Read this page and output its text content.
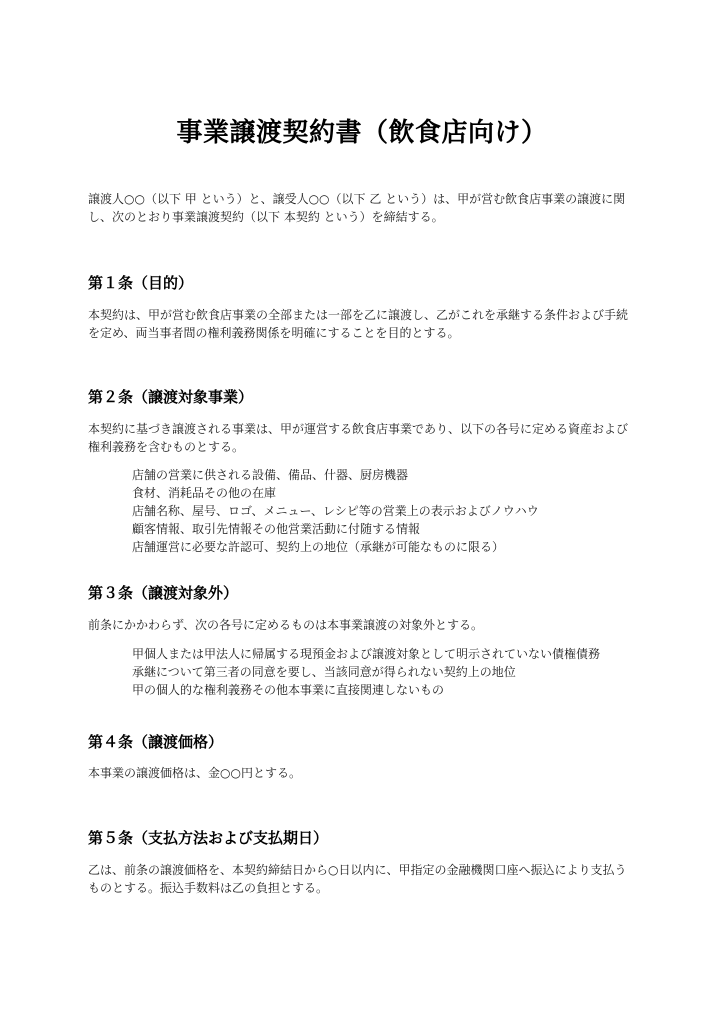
事業譲渡契約書（飲食店向け）
譲渡人○○（以下 甲 という）と、譲受人○○（以下 乙 という）は、甲が営む飲食店事業の譲渡に関し、次のとおり事業譲渡契約（以下 本契約 という）を締結する。
第１条（目的）
本契約は、甲が営む飲食店事業の全部または一部を乙に譲渡し、乙がこれを承継する条件および手続を定め、両当事者間の権利義務関係を明確にすることを目的とする。
第２条（譲渡対象事業）
本契約に基づき譲渡される事業は、甲が運営する飲食店事業であり、以下の各号に定める資産および権利義務を含むものとする。
店舗の営業に供される設備、備品、什器、厨房機器
食材、消耗品その他の在庫
店舗名称、屋号、ロゴ、メニュー、レシピ等の営業上の表示およびノウハウ
顧客情報、取引先情報その他営業活動に付随する情報
店舗運営に必要な許認可、契約上の地位（承継が可能なものに限る）
第３条（譲渡対象外）
前条にかかわらず、次の各号に定めるものは本事業譲渡の対象外とする。
甲個人または甲法人に帰属する現預金および譲渡対象として明示されていない債権債務
承継について第三者の同意を要し、当該同意が得られない契約上の地位
甲の個人的な権利義務その他本事業に直接関連しないもの
第４条（譲渡価格）
本事業の譲渡価格は、金○○円とする。
第５条（支払方法および支払期日）
乙は、前条の譲渡価格を、本契約締結日から○日以内に、甲指定の金融機関口座へ振込により支払うものとする。振込手数料は乙の負担とする。
